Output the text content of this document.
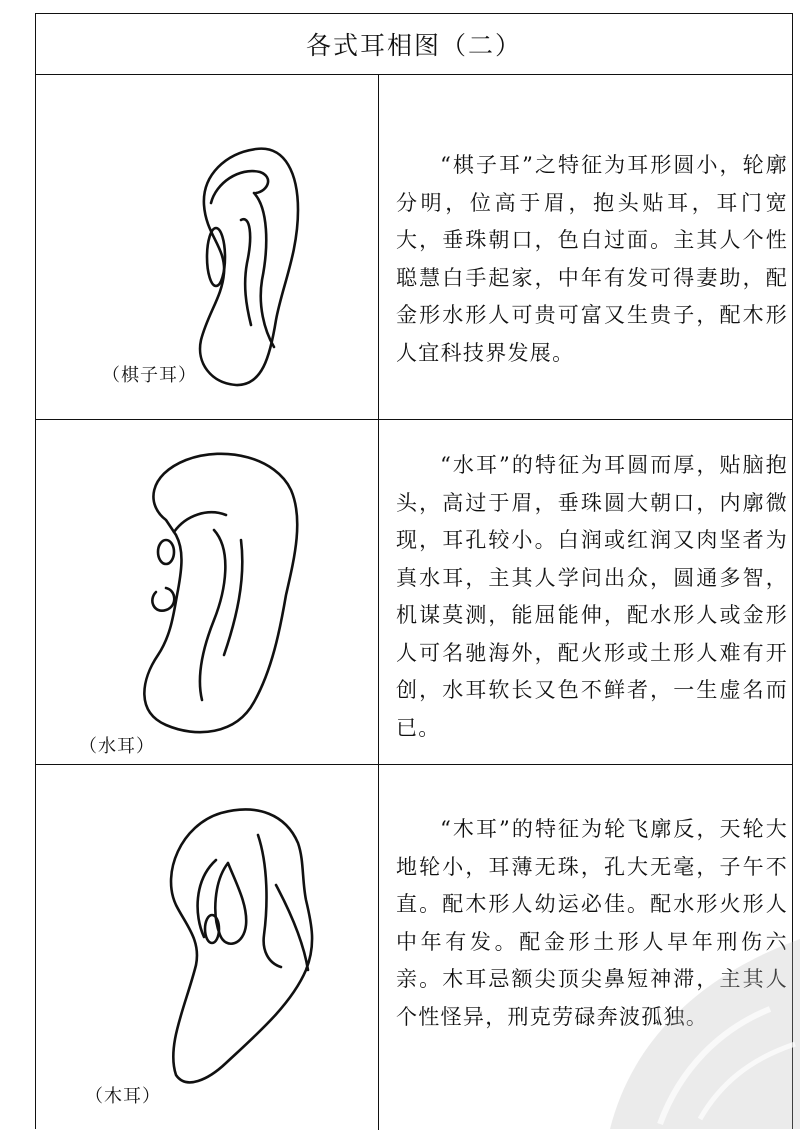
各式耳相图（二）
（棋子耳）

“棋子耳”之特征为耳形圆小，轮廓分明，位高于眉，抱头贴耳，耳门宽大，垂珠朝口，色白过面。主其人个性聪慧白手起家，中年有发可得妻助，配金形水形人可贵可富又生贵子，配木形人宜科技界发展。

（水耳）

“水耳”的特征为耳圆而厚，贴脑抱头，高过于眉，垂珠圆大朝口，内廓微现，耳孔较小。白润或红润又肉坚者为真水耳，主其人学问出众，圆通多智，机谋莫测，能屈能伸，配水形人或金形人可名驰海外，配火形或土形人难有开创，水耳软长又色不鲜者，一生虚名而已。

（木耳）

“木耳”的特征为轮飞廓反，天轮大地轮小，耳薄无珠，孔大无毫，子午不直。配木形人幼运必佳。配水形火形人中年有发。配金形土形人早年刑伤六亲。木耳忌额尖顶尖鼻短神滞，主其人个性怪异，刑克劳碌奔波孤独。
